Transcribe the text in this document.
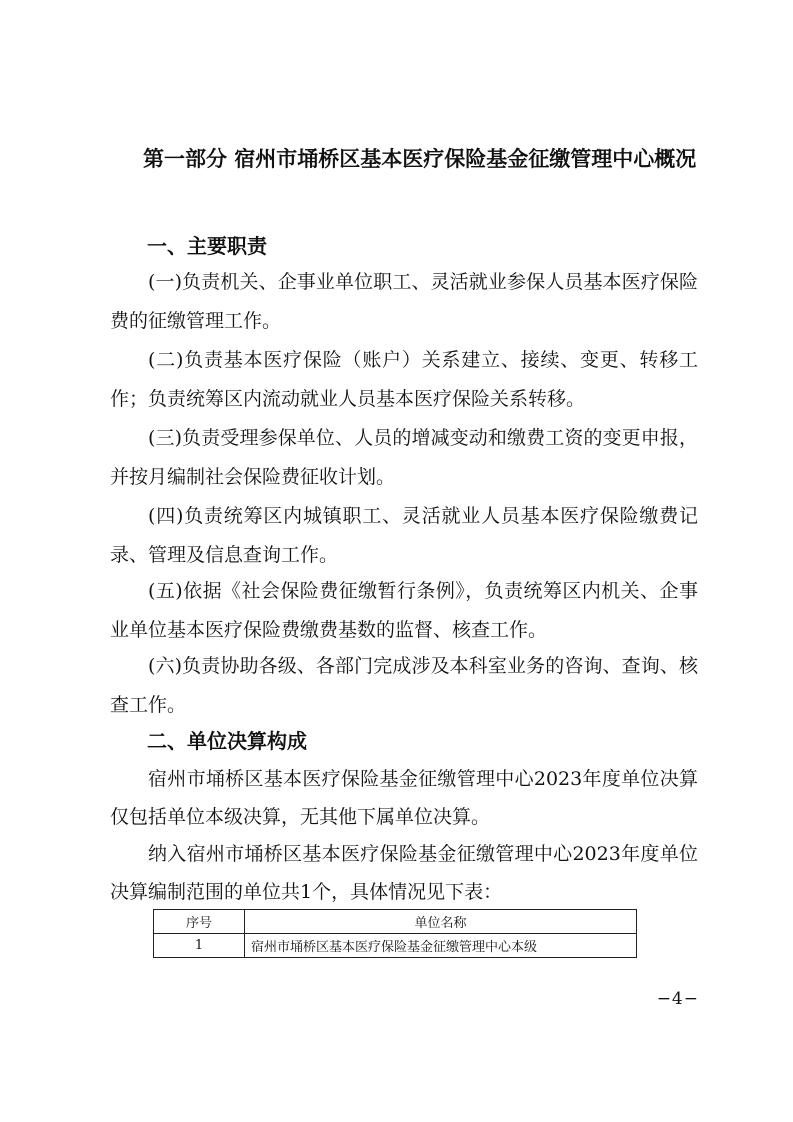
第一部分 宿州市埇桥区基本医疗保险基金征缴管理中心概况
一、主要职责

(一)负责机关、企事业单位职工、灵活就业参保人员基本医疗保险费的征缴管理工作。

(二)负责基本医疗保险（账户）关系建立、接续、变更、转移工作；负责统筹区内流动就业人员基本医疗保险关系转移。

(三)负责受理参保单位、人员的增减变动和缴费工资的变更申报，并按月编制社会保险费征收计划。

(四)负责统筹区内城镇职工、灵活就业人员基本医疗保险缴费记录、管理及信息查询工作。

(五)依据《社会保险费征缴暂行条例》，负责统筹区内机关、企事业单位基本医疗保险费缴费基数的监督、核查工作。

(六)负责协助各级、各部门完成涉及本科室业务的咨询、查询、核查工作。

二、单位决算构成

宿州市埇桥区基本医疗保险基金征缴管理中心2023年度单位决算仅包括单位本级决算，无其他下属单位决算。

纳入宿州市埇桥区基本医疗保险基金征缴管理中心2023年度单位决算编制范围的单位共1个，具体情况见下表：

序号	单位名称
1	宿州市埇桥区基本医疗保险基金征缴管理中心本级
−4−
